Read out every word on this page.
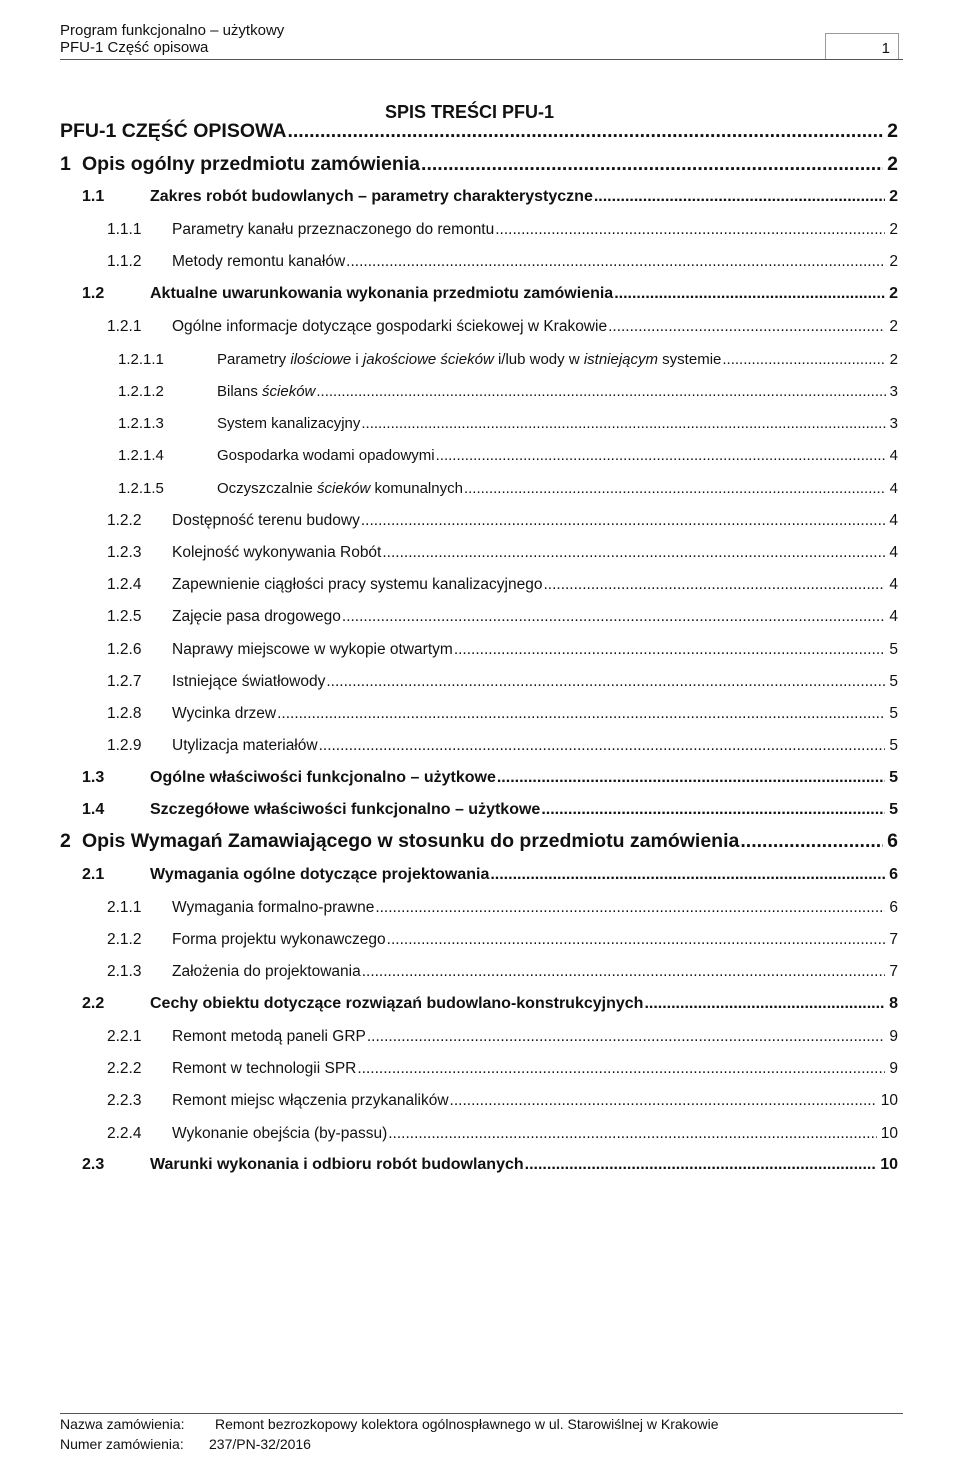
Program funkcjonalno – użytkowy
PFU-1 Część opisowa	1
SPIS TREŚCI PFU-1
PFU-1 CZĘŚĆ OPISOWA .....	2
1 Opis ogólny przedmiotu zamówienia .....	2
1.1	Zakres robót budowlanych – parametry charakterystyczne .....	2
1.1.1	Parametry kanału przeznaczonego do remontu .....	2
1.1.2	Metody remontu kanałów .....	2
1.2	Aktualne uwarunkowania wykonania przedmiotu zamówienia .....	2
1.2.1	Ogólne informacje dotyczące gospodarki ściekowej w Krakowie .....	2
1.2.1.1	Parametry ilościowe i jakościowe ścieków i/lub wody w istniejącym systemie .....	2
1.2.1.2	Bilans ścieków .....	3
1.2.1.3	System kanalizacyjny .....	3
1.2.1.4	Gospodarka wodami opadowymi .....	4
1.2.1.5	Oczyszczalnie ścieków komunalnych .....	4
1.2.2	Dostępność terenu budowy .....	4
1.2.3	Kolejność wykonywania Robót .....	4
1.2.4	Zapewnienie ciągłości pracy systemu kanalizacyjnego .....	4
1.2.5	Zajęcie pasa drogowego .....	4
1.2.6	Naprawy miejscowe w wykopie otwartym .....	5
1.2.7	Istniejące światłowody .....	5
1.2.8	Wycinka drzew .....	5
1.2.9	Utylizacja materiałów .....	5
1.3	Ogólne właściwości funkcjonalno – użytkowe .....	5
1.4	Szczegółowe właściwości funkcjonalno – użytkowe .....	5
2 Opis Wymagań Zamawiającego w stosunku do przedmiotu zamówienia .....	6
2.1	Wymagania ogólne dotyczące projektowania .....	6
2.1.1	Wymagania formalno-prawne .....	6
2.1.2	Forma projektu wykonawczego .....	7
2.1.3	Założenia do projektowania .....	7
2.2	Cechy obiektu dotyczące rozwiązań budowlano-konstrukcyjnych .....	8
2.2.1	Remont metodą paneli GRP .....	9
2.2.2	Remont w technologii SPR .....	9
2.2.3	Remont miejsc włączenia przykanalików .....	10
2.2.4	Wykonanie obejścia (by-passu) .....	10
2.3	Warunki wykonania i odbioru robót budowlanych .....	10
Nazwa zamówienia: Remont bezrozkopowy kolektora ogólnospławnego w ul. Starowiślnej w Krakowie
Numer zamówienia: 237/PN-32/2016
